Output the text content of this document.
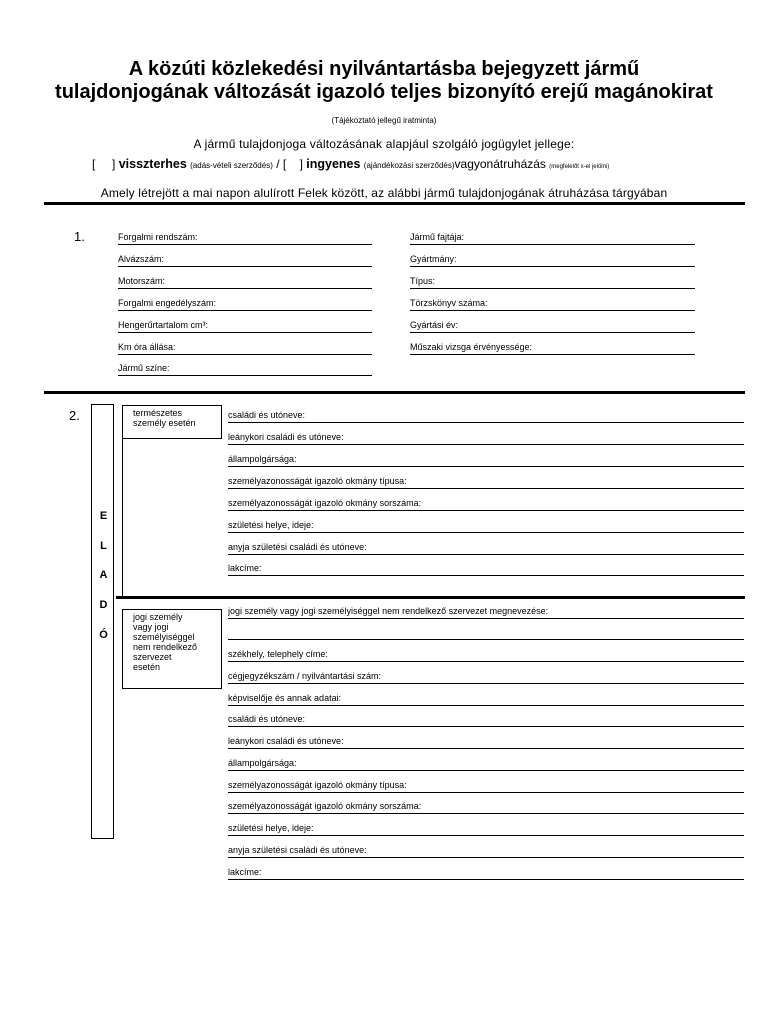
A közúti közlekedési nyilvántartásba bejegyzett jármű
tulajdonjogának változását igazoló teljes bizonyító erejű magánokirat
(Tájékoztató jellegű iratminta)
A jármű tulajdonjoga változásának alapjául szolgáló jogügylet jellege:
[ ] visszterhes (adás-vételi szerződés) / [ ] ingyenes (ajándékozási szerződés)vagyonátruházás (megfelelőt x-el jelölni)
Amely létrejött a mai napon alulírott Felek között, az alábbi jármű tulajdonjogának átruházása tárgyában
1.	Forgalmi rendszám:
Alvázszám:
Motorszám:
Forgalmi engedélyszám:
Hengerűrtartalom cm³:
Km óra állása:
Jármű színe:
Jármű fajtája:
Gyártmány:
Típus:
Törzskönyv száma:
Gyártási év:
Műszaki vizsga érvényessége:
2.
E
L
A
D
Ó
természetes
személy esetén
családi és utóneve:
leánykori családi és utóneve:
állampolgársága:
személyazonosságát igazoló okmány típusa:
személyazonosságát igazoló okmány sorszáma:
születési helye, ideje:
anyja születési családi és utóneve:
lakcíme:
jogi személy
vagy jogi
személyiséggel
nem rendelkező
szervezet
esetén
jogi személy vagy jogi személyiséggel nem rendelkező szervezet megnevezése:
székhely, telephely címe:
cégjegyzékszám / nyilvántartási szám:
képviselője és annak adatai:
családi és utóneve:
leánykori családi és utóneve:
állampolgársága:
személyazonosságát igazoló okmány típusa:
személyazonosságát igazoló okmány sorszáma:
születési helye, ideje:
anyja születési családi és utóneve:
lakcíme:
